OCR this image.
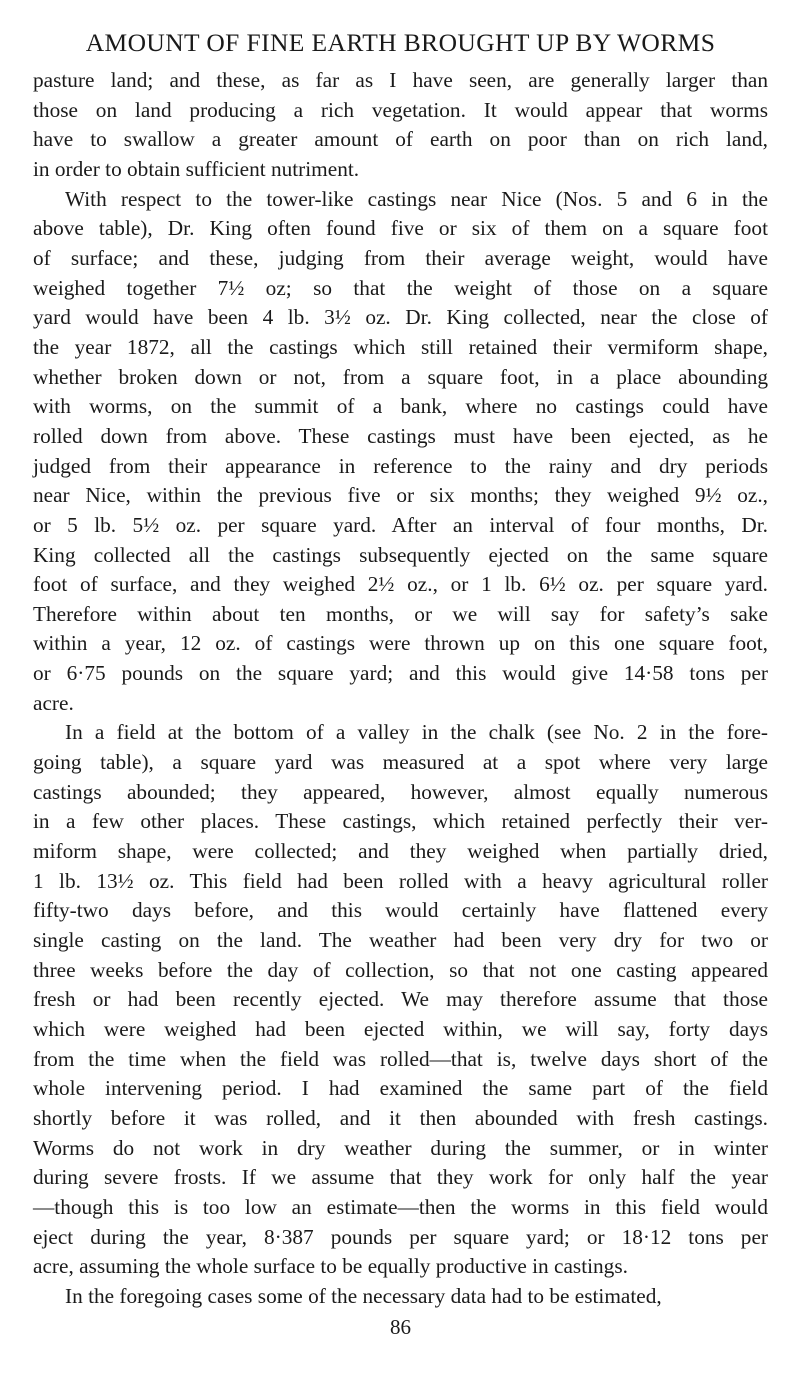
AMOUNT OF FINE EARTH BROUGHT UP BY WORMS
pasture land; and these, as far as I have seen, are generally larger than
those on land producing a rich vegetation. It would appear that worms
have to swallow a greater amount of earth on poor than on rich land,
in order to obtain sufficient nutriment.
With respect to the tower-like castings near Nice (Nos. 5 and 6 in the
above table), Dr. King often found five or six of them on a square foot
of surface; and these, judging from their average weight, would have
weighed together 7½ oz; so that the weight of those on a square
yard would have been 4 lb. 3½ oz. Dr. King collected, near the close of
the year 1872, all the castings which still retained their vermiform shape,
whether broken down or not, from a square foot, in a place abounding
with worms, on the summit of a bank, where no castings could have
rolled down from above. These castings must have been ejected, as he
judged from their appearance in reference to the rainy and dry periods
near Nice, within the previous five or six months; they weighed 9½ oz.,
or 5 lb. 5½ oz. per square yard. After an interval of four months, Dr.
King collected all the castings subsequently ejected on the same square
foot of surface, and they weighed 2½ oz., or 1 lb. 6½ oz. per square yard.
Therefore within about ten months, or we will say for safety’s sake
within a year, 12 oz. of castings were thrown up on this one square foot,
or 6·75 pounds on the square yard; and this would give 14·58 tons per
acre.
In a field at the bottom of a valley in the chalk (see No. 2 in the fore-
going table), a square yard was measured at a spot where very large
castings abounded; they appeared, however, almost equally numerous
in a few other places. These castings, which retained perfectly their ver-
miform shape, were collected; and they weighed when partially dried,
1 lb. 13½ oz. This field had been rolled with a heavy agricultural roller
fifty-two days before, and this would certainly have flattened every
single casting on the land. The weather had been very dry for two or
three weeks before the day of collection, so that not one casting appeared
fresh or had been recently ejected. We may therefore assume that those
which were weighed had been ejected within, we will say, forty days
from the time when the field was rolled—that is, twelve days short of the
whole intervening period. I had examined the same part of the field
shortly before it was rolled, and it then abounded with fresh castings.
Worms do not work in dry weather during the summer, or in winter
during severe frosts. If we assume that they work for only half the year
—though this is too low an estimate—then the worms in this field would
eject during the year, 8·387 pounds per square yard; or 18·12 tons per
acre, assuming the whole surface to be equally productive in castings.
In the foregoing cases some of the necessary data had to be estimated,
86
